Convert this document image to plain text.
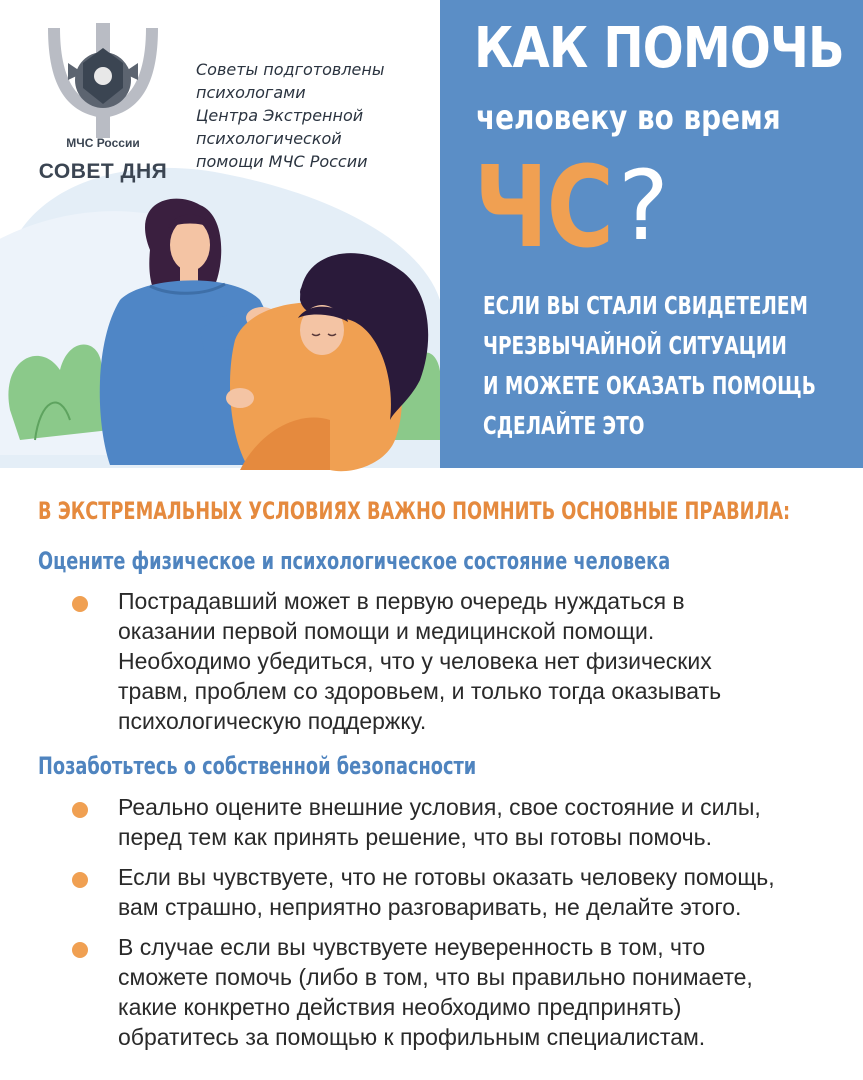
МЧС России
СОВЕТ ДНЯ
Советы подготовлены
психологами
Центра Экстренной
психологической
помощи МЧС России
КАК ПОМОЧЬ
человеку во время
ЧС ?
ЕСЛИ ВЫ СТАЛИ СВИДЕТЕЛЕМ
ЧРЕЗВЫЧАЙНОЙ СИТУАЦИИ
И МОЖЕТЕ ОКАЗАТЬ ПОМОЩЬ
СДЕЛАЙТЕ ЭТО
В ЭКСТРЕМАЛЬНЫХ УСЛОВИЯХ ВАЖНО ПОМНИТЬ ОСНОВНЫЕ ПРАВИЛА:
Оцените физическое и психологическое состояние человека
Пострадавший может в первую очередь нуждаться в
оказании первой помощи и медицинской помощи.
Необходимо убедиться, что у человека нет физических
травм, проблем со здоровьем, и только тогда оказывать
психологическую поддержку.
Позаботьтесь о собственной безопасности
Реально оцените внешние условия, свое состояние и силы,
перед тем как принять решение, что вы готовы помочь.
Если вы чувствуете, что не готовы оказать человеку помощь,
вам страшно, неприятно разговаривать, не делайте этого.
В случае если вы чувствуете неуверенность в том, что
сможете помочь (либо в том, что вы правильно понимаете,
какие конкретно действия необходимо предпринять)
обратитесь за помощью к профильным специалистам.
